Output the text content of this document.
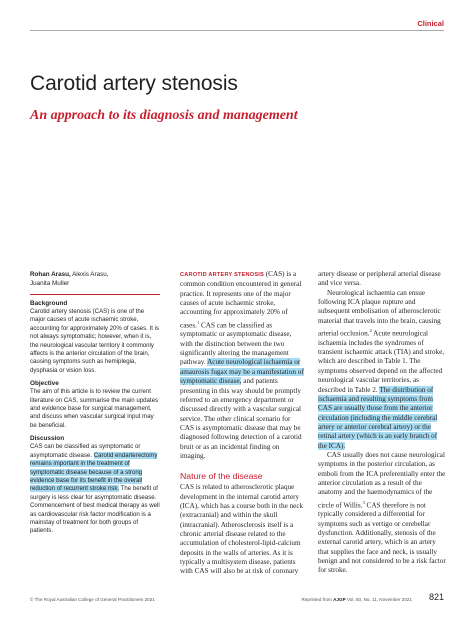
Clinical
Carotid artery stenosis
An approach to its diagnosis and management

Rohan Arasu, Alexis Arasu,
Juanita Muller

Background

Carotid artery stenosis (CAS) is one of the major causes of acute ischaemic stroke, accounting for approximately 20% of cases. It is not always symptomatic; however, when it is, the neurological vascular territory it commonly affects is the anterior circulation of the brain, causing symptoms such as hemiplegia, dysphasia or vision loss.

Objective

The aim of this article is to review the current literature on CAS, summarise the main updates and evidence base for surgical management, and discuss when vascular surgical input may be beneficial.

Discussion

CAS can be classified as symptomatic or asymptomatic disease. Carotid endarterectomy remains important in the treatment of symptomatic disease because of a strong evidence base for its benefit in the overall reduction of recurrent stroke risk. The benefit of surgery is less clear for asymptomatic disease. Commencement of best medical therapy as well as cardiovascular risk factor modification is a mainstay of treatment for both groups of patients.

CAROTID ARTERY STENOSIS (CAS) is a common condition encountered in general practice. It represents one of the major causes of acute ischaemic stroke, accounting for approximately 20% of cases.$^1$ CAS can be classified as symptomatic or asymptomatic disease, with the distinction between the two significantly altering the management pathway. Acute neurological ischaemia or amaurosis fugax may be a manifestation of symptomatic disease, and patients presenting in this way should be promptly referred to an emergency department or discussed directly with a vascular surgical service. The other clinical scenario for CAS is asymptomatic disease that may be diagnosed following detection of a carotid bruit or as an incidental finding on imaging.

Nature of the disease

CAS is related to atherosclerotic plaque development in the internal carotid artery (ICA), which has a course both in the neck (extracranial) and within the skull (intracranial). Atherosclerosis itself is a chronic arterial disease related to the accumulation of cholesterol-lipid-calcium deposits in the walls of arteries. As it is typically a multisystem disease, patients with CAS will also be at risk of coronary

artery disease or peripheral arterial disease and vice versa.

Neurological ischaemia can ensue following ICA plaque rupture and subsequent embolisation of atherosclerotic material that travels into the brain, causing arterial occlusion.$^2$ Acute neurological ischaemia includes the syndromes of transient ischaemic attack (TIA) and stroke, which are described in Table 1. The symptoms observed depend on the affected neurological vascular territories, as described in Table 2. The distribution of ischaemia and resulting symptoms from CAS are usually those from the anterior circulation (including the middle cerebral artery or anterior cerebral artery) or the retinal artery (which is an early branch of the ICA).

CAS usually does not cause neurological symptoms in the posterior circulation, as emboli from the ICA preferentially enter the anterior circulation as a result of the anatomy and the haemodynamics of the circle of Willis.$^3$ CAS therefore is not typically considered a differential for symptoms such as vertigo or cerebellar dysfunction. Additionally, stenosis of the external carotid artery, which is an artery that supplies the face and neck, is usually benign and not considered to be a risk factor for stroke.

© The Royal Australian College of General Practitioners 2021	Reprinted from AJGP Vol. 50, No. 11, November 2021 821
